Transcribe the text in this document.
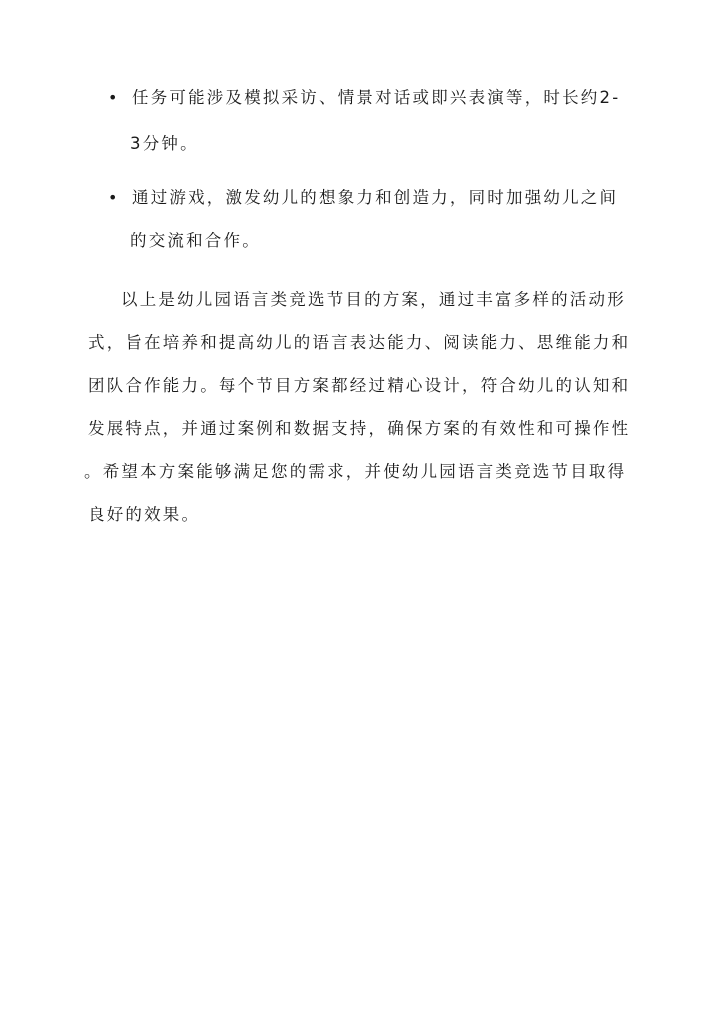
• 任务可能涉及模拟采访、情景对话或即兴表演等，时长约2-
3分钟。
• 通过游戏，激发幼儿的想象力和创造力，同时加强幼儿之间
的交流和合作。
以上是幼儿园语言类竞选节目的方案，通过丰富多样的活动形
式，旨在培养和提高幼儿的语言表达能力、阅读能力、思维能力和
团队合作能力。每个节目方案都经过精心设计，符合幼儿的认知和
发展特点，并通过案例和数据支持，确保方案的有效性和可操作性
。希望本方案能够满足您的需求，并使幼儿园语言类竞选节目取得
良好的效果。
